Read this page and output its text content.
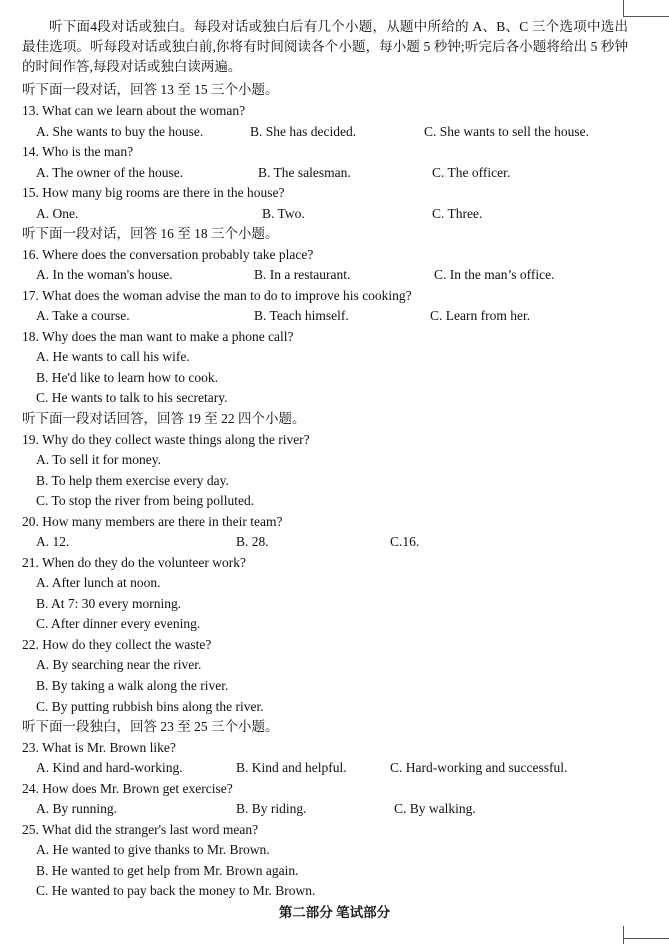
听下面4段对话或独白。每段对话或独白后有几个小题，从题中所给的 A、B、C 三个选项中选出最佳选项。听每段对话或独白前,你将有时间阅读各个小题，每小题 5 秒钟;听完后各小题将给出 5 秒钟的时间作答,每段对话或独白读两遍。
听下面一段对话，回答 13 至 15 三个小题。
13. What can we learn about the woman?
A. She wants to buy the house.	B. She has decided.	C. She wants to sell the house.
14. Who is the man?
A. The owner of the house.	B. The salesman.	C. The officer.
15. How many big rooms are there in the house?
A. One.	B. Two.	C. Three.
听下面一段对话，回答 16 至 18 三个小题。
16. Where does the conversation probably take place?
A. In the woman's house.	B. In a restaurant.	C. In the man’s office.
17. What does the woman advise the man to do to improve his cooking?
A. Take a course.	B. Teach himself.	C. Learn from her.
18. Why does the man want to make a phone call?
A. He wants to call his wife.
B. He'd like to learn how to cook.
C. He wants to talk to his secretary.
听下面一段对话回答，回答 19 至 22 四个小题。
19. Why do they collect waste things along the river?
A. To sell it for money.
B. To help them exercise every day.
C. To stop the river from being polluted.
20. How many members are there in their team?
A. 12.	B. 28.	C.16.
21. When do they do the volunteer work?
A. After lunch at noon.
B. At 7: 30 every morning.
C. After dinner every evening.
22. How do they collect the waste?
A. By searching near the river.
B. By taking a walk along the river.
C. By putting rubbish bins along the river.
听下面一段独白，回答 23 至 25 三个小题。
23. What is Mr. Brown like?
A. Kind and hard-working.	B. Kind and helpful.	C. Hard-working and successful.
24. How does Mr. Brown get exercise?
A. By running.	B. By riding.	C. By walking.
25. What did the stranger's last word mean?
A. He wanted to give thanks to Mr. Brown.
B. He wanted to get help from Mr. Brown again.
C. He wanted to pay back the money to Mr. Brown.
第二部分 笔试部分
